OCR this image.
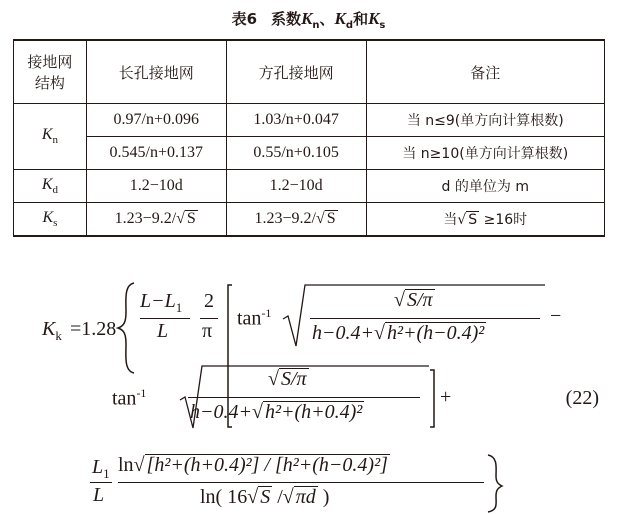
表6 系数$K_n$、$K_d$和$K_s$
接地网
结构	长孔接地网	方孔接地网	备注
$K_n$	0.97/n+0.096	1.03/n+0.047	当 n≤9(单方向计算根数)
	0.545/n+0.137	0.55/n+0.105	当 n≥10(单方向计算根数)
$K_d$	1.2−10d	1.2−10d	d 的单位为 m
$K_s$	1.23−9.2/√ S	1.23−9.2/√ S	当√ S ≥16时
$K_k =1.28$
$L-L_1$
L
2
π
$\tan^{-1}$
√ S/π
h−0.4+√ h²+(h−0.4)²
−
$\tan^{-1}$
√ S/π
h−0.4+√ h²+(h+0.4)²
+	(22)
$L_1$
L
ln√ [h²+(h+0.4)²] / [h²+(h−0.4)²]
ln( 16√ S /√ πd )
